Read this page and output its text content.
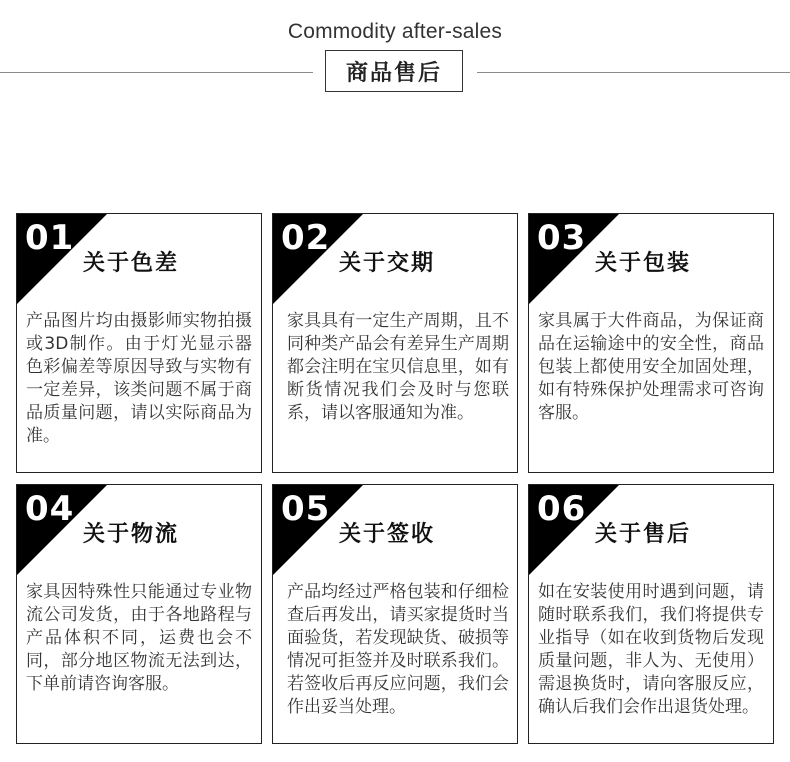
Commodity after-sales
商品售后
01
关于色差
产品图片均由摄影师实物拍摄或3D制作。由于灯光显示器色彩偏差等原因导致与实物有一定差异，该类问题不属于商品质量问题，请以实际商品为准。
02
关于交期
家具具有一定生产周期，且不同种类产品会有差异生产周期都会注明在宝贝信息里，如有断货情况我们会及时与您联系，请以客服通知为准。
03
关于包装
家具属于大件商品，为保证商品在运输途中的安全性，商品包装上都使用安全加固处理，如有特殊保护处理需求可咨询客服。
04
关于物流
家具因特殊性只能通过专业物流公司发货，由于各地路程与产品体积不同，运费也会不同，部分地区物流无法到达，下单前请咨询客服。
05
关于签收
产品均经过严格包装和仔细检查后再发出，请买家提货时当面验货，若发现缺货、破损等情况可拒签并及时联系我们。若签收后再反应问题，我们会作出妥当处理。
06
关于售后
如在安装使用时遇到问题，请随时联系我们，我们将提供专业指导（如在收到货物后发现质量问题，非人为、无使用）需退换货时，请向客服反应，确认后我们会作出退货处理。
